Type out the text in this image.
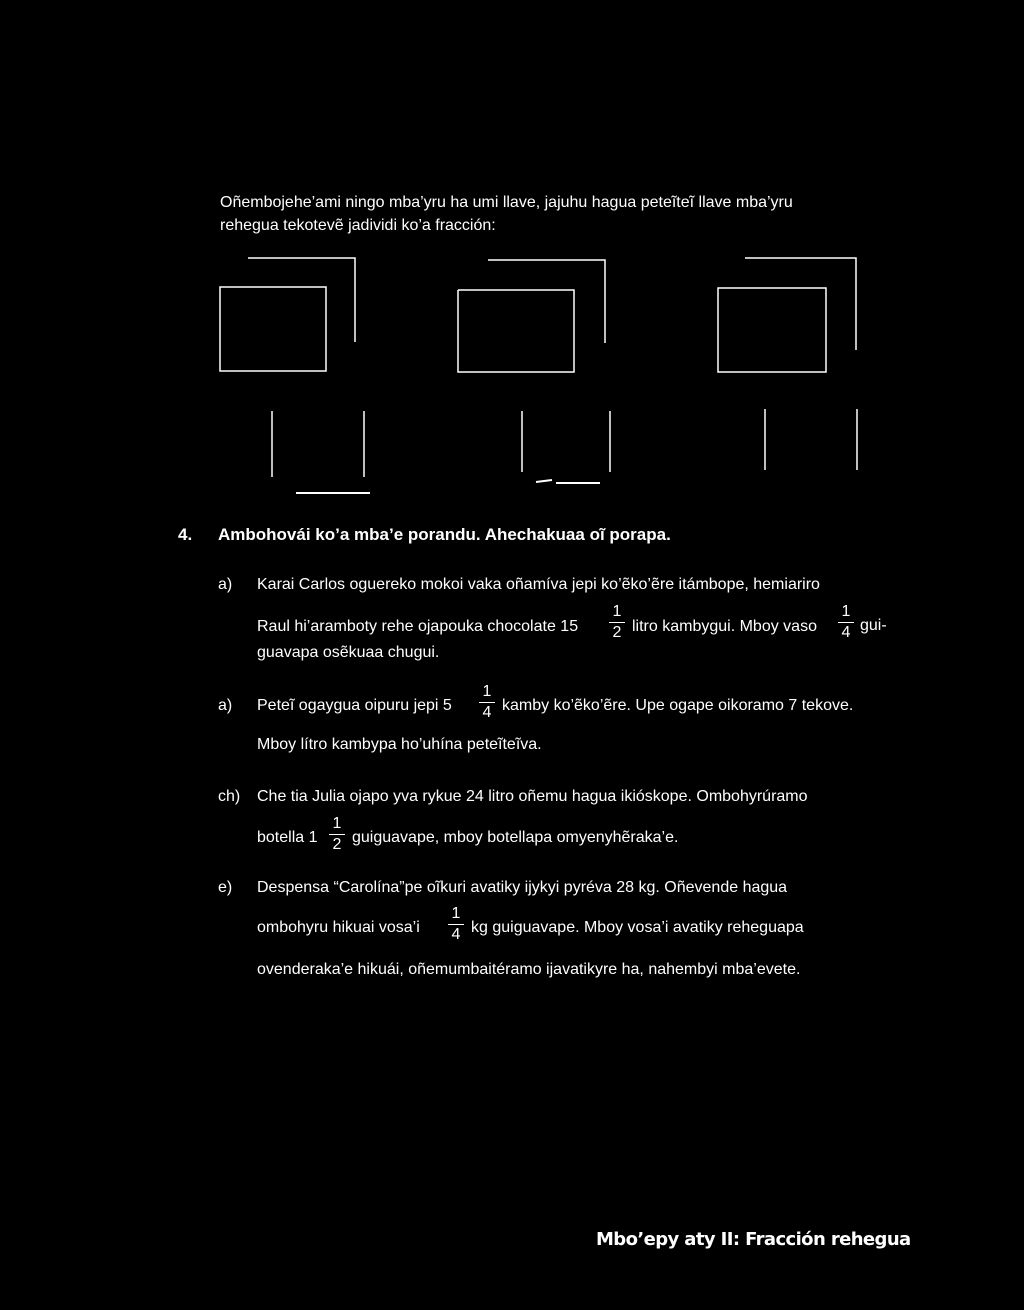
Oñembojehe’ami ningo mba’yru ha umi llave, jajuhu hagua peteĩteĩ llave mba’yru
rehegua tekotevẽ jadividi ko’a fracción:
4. Ambohovái ko’a mba’e porandu. Ahechakuaa oĩ porapa.
a) Karai Carlos oguereko mokoi vaka oñamíva jepi ko’ẽko’ẽre itámbope, hemiariro
Raul hi’aramboty rehe ojapouka chocolate 15
1
2 litro kambygui. Mboy vaso
1
4 gui-
guavapa osẽkuaa chugui.
a) Peteĩ ogaygua oipuru jepi 5
1
4 kamby ko’ẽko’ẽre. Upe ogape oikoramo 7 tekove.
Mboy lítro kambypa ho’uhína peteĩteĩva.
ch) Che tia Julia ojapo yva rykue 24 litro oñemu hagua ikióskope. Ombohyrúramo
botella 1
1
2 guiguavape, mboy botellapa omyenyhẽraka’e.
e) Despensa “Carolína”pe oĩkuri avatiky ijykyi pyréva 28 kg. Oñevende hagua
ombohyru hikuai vosa’i
1
4 kg guiguavape. Mboy vosa’i avatiky reheguapa
ovenderaka’e hikuái, oñemumbaitéramo ijavatikyre ha, nahembyi mba’evete.
Mbo’epy aty II: Fracción rehegua
